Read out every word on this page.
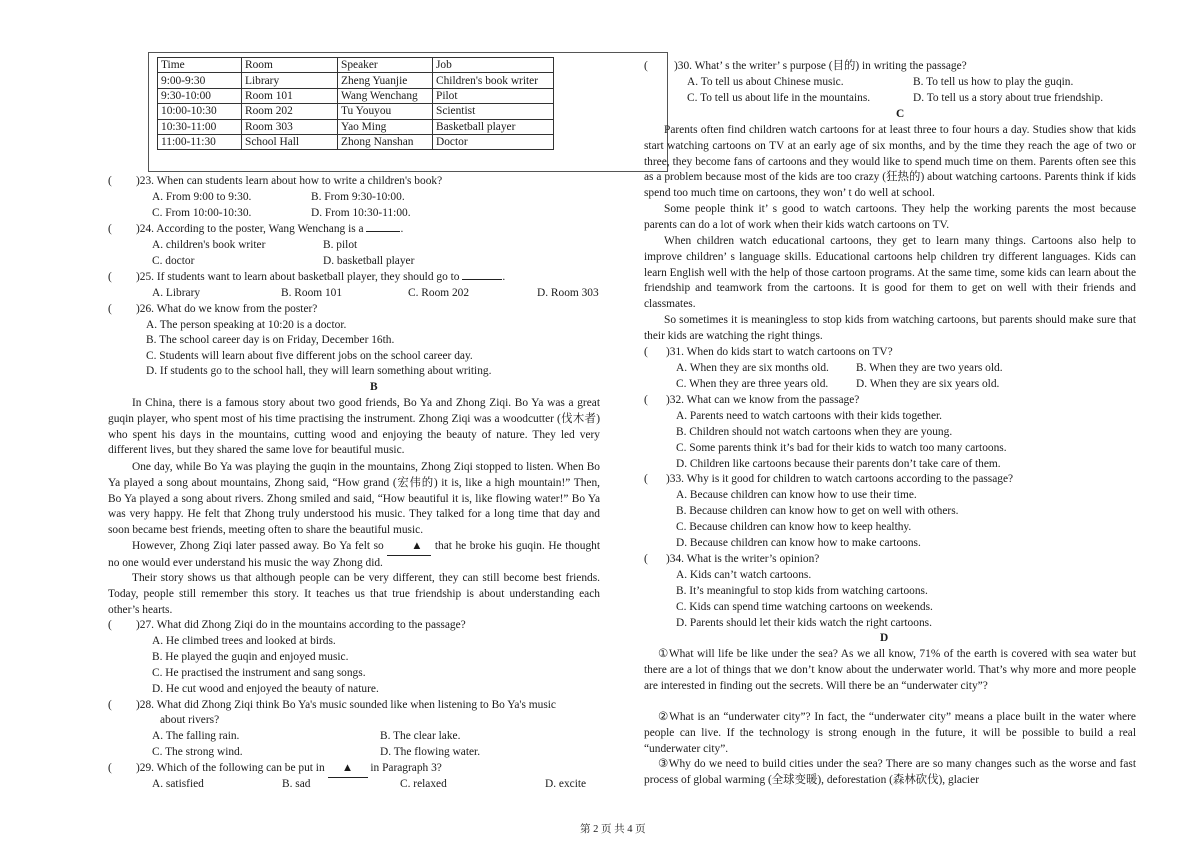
Time	Room	Speaker	Job
9:00-9:30	Library	Zheng Yuanjie	Children's book writer
9:30-10:00	Room 101	Wang Wenchang	Pilot
10:00-10:30	Room 202	Tu Youyou	Scientist
10:30-11:00	Room 303	Yao Ming	Basketball player
11:00-11:30	School Hall	Zhong Nanshan	Doctor
( )23. When can students learn about how to write a children's book?
A. From 9:00 to 9:30.	B. From 9:30-10:00.
C. From 10:00-10:30.	D. From 10:30-11:00.
( )24. According to the poster, Wang Wenchang is a	.
A. children's book writer	B. pilot
C. doctor	D. basketball player
( )25. If students want to learn about basketball player, they should go to	.
A. Library	B. Room 101	C. Room 202	D. Room 303
( )26. What do we know from the poster?
A. The person speaking at 10:20 is a doctor.
B. The school career day is on Friday, December 16th.
C. Students will learn about five different jobs on the school career day.
D. If students go to the school hall, they will learn something about writing.
B
In China, there is a famous story about two good friends, Bo Ya and Zhong Ziqi. Bo Ya was a great guqin player, who spent most of his time practising the instrument. Zhong Ziqi was a woodcutter (伐木者) who spent his days in the mountains, cutting wood and enjoying the beauty of nature. They led very different lives, but they shared the same love for beautiful music.
One day, while Bo Ya was playing the guqin in the mountains, Zhong Ziqi stopped to listen. When Bo Ya played a song about mountains, Zhong said, “How grand (宏伟的) it is, like a high mountain!” Then, Bo Ya played a song about rivers. Zhong smiled and said, “How beautiful it is, like flowing water!” Bo Ya was very happy. He felt that Zhong truly understood his music. They talked for a long time that day and soon became best friends, meeting often to share the beautiful music.
However, Zhong Ziqi later passed away. Bo Ya felt so ▲ that he broke his guqin. He thought no one would ever understand his music the way Zhong did.
Their story shows us that although people can be very different, they can still become best friends. Today, people still remember this story. It teaches us that true friendship is about understanding each other’s hearts.
( )27. What did Zhong Ziqi do in the mountains according to the passage?
A. He climbed trees and looked at birds.
B. He played the guqin and enjoyed music.
C. He practised the instrument and sang songs.
D. He cut wood and enjoyed the beauty of nature.
( )28. What did Zhong Ziqi think Bo Ya's music sounded like when listening to Bo Ya's music
about rivers?
A. The falling rain.	B. The clear lake.
C. The strong wind.	D. The flowing water.
( )29. Which of the following can be put in ▲ in Paragraph 3?
A. satisfied	B. sad	C. relaxed	D. excite
( )30. What’ s the writer’ s purpose (目的) in writing the passage?
A. To tell us about Chinese music.	B. To tell us how to play the guqin.
C. To tell us about life in the mountains.	D. To tell us a story about true friendship.
C
Parents often find children watch cartoons for at least three to four hours a day. Studies show that kids start watching cartoons on TV at an early age of six months, and by the time they reach the age of two or three, they become fans of cartoons and they would like to spend much time on them. Parents often see this as a problem because most of the kids are too crazy (狂热的) about watching cartoons. Parents think if kids spend too much time on cartoons, they won’ t do well at school.
Some people think it’ s good to watch cartoons. They help the working parents the most because parents can do a lot of work when their kids watch cartoons on TV.
When children watch educational cartoons, they get to learn many things. Cartoons also help to improve children’ s language skills. Educational cartoons help children try different languages. Kids can learn English well with the help of those cartoon programs. At the same time, some kids can learn about the friendship and teamwork from the cartoons. It is good for them to get on well with their friends and classmates.
So sometimes it is meaningless to stop kids from watching cartoons, but parents should make sure that their kids are watching the right things.
( )31. When do kids start to watch cartoons on TV?
A. When they are six months old. B. When they are two years old.
C. When they are three years old. D. When they are six years old.
( )32. What can we know from the passage?
A. Parents need to watch cartoons with their kids together.
B. Children should not watch cartoons when they are young.
C. Some parents think it’s bad for their kids to watch too many cartoons.
D. Children like cartoons because their parents don’t take care of them.
( )33. Why is it good for children to watch cartoons according to the passage?
A. Because children can know how to use their time.
B. Because children can know how to get on well with others.
C. Because children can know how to keep healthy.
D. Because children can know how to make cartoons.
( )34. What is the writer’s opinion?
A. Kids can’t watch cartoons.
B. It’s meaningful to stop kids from watching cartoons.
C. Kids can spend time watching cartoons on weekends.
D. Parents should let their kids watch the right cartoons.
D
①What will life be like under the sea? As we all know, 71% of the earth is covered with sea water but there are a lot of things that we don’t know about the underwater world. That’s why more and more people are interested in finding out the secrets. Will there be an “underwater city”?
②What is an “underwater city”? In fact, the “underwater city” means a place built in the water where people can live. If the technology is strong enough in the future, it will be possible to build a real “underwater city”.
③Why do we need to build cities under the sea? There are so many changes such as the worse and fast process of global warming (全球变暖), deforestation (森林砍伐), glacier
第 2 页 共 4 页
